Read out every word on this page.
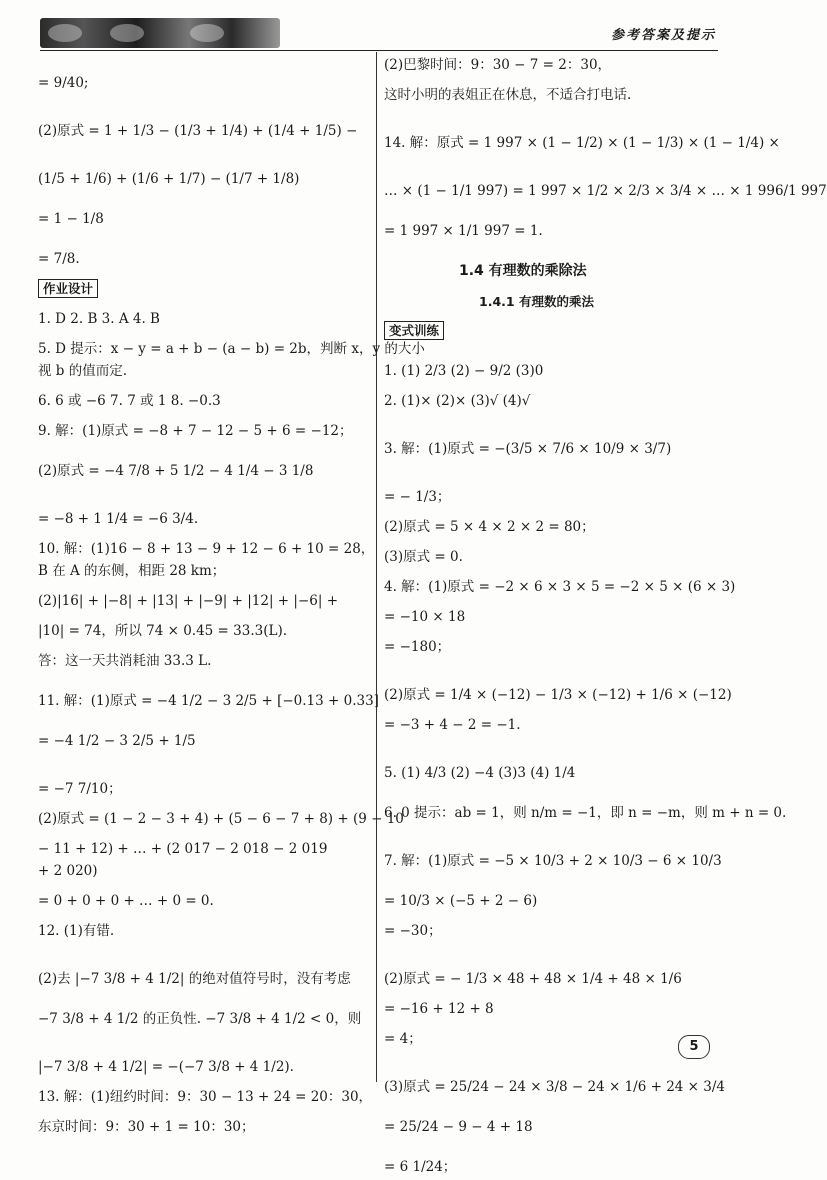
参考答案及提示
= 9/40;
(2)原式 = 1 + 1/3 − (1/3 + 1/4) + (1/4 + 1/5) −
(1/5 + 1/6) + (1/6 + 1/7) − (1/7 + 1/8)
= 1 − 1/8
= 7/8.
作业设计
1. D 2. B 3. A 4. B
5. D 提示：x − y = a + b − (a − b) = 2b，判断 x，y 的大小
视 b 的值而定.
6. 6 或 −6 7. 7 或 1 8. −0.3
9. 解：(1)原式 = −8 + 7 − 12 − 5 + 6 = −12；
(2)原式 = −4 7/8 + 5 1/2 − 4 1/4 − 3 1/8
= −8 + 1 1/4 = −6 3/4.
10. 解：(1)16 − 8 + 13 − 9 + 12 − 6 + 10 = 28，
B 在 A 的东侧，相距 28 km；
(2)|16| + |−8| + |13| + |−9| + |12| + |−6| +
|10| = 74，所以 74 × 0.45 = 33.3(L).
答：这一天共消耗油 33.3 L.
11. 解：(1)原式 = −4 1/2 − 3 2/5 + [−0.13 + 0.33]
= −4 1/2 − 3 2/5 + 1/5
= −7 7/10；
(2)原式 = (1 − 2 − 3 + 4) + (5 − 6 − 7 + 8) + (9 − 10
− 11 + 12) + … + (2 017 − 2 018 − 2 019
+ 2 020)
= 0 + 0 + 0 + … + 0 = 0.
12. (1)有错.
(2)去 |−7 3/8 + 4 1/2| 的绝对值符号时，没有考虑
−7 3/8 + 4 1/2 的正负性. −7 3/8 + 4 1/2 < 0，则
|−7 3/8 + 4 1/2| = −(−7 3/8 + 4 1/2).
13. 解：(1)纽约时间：9：30 − 13 + 24 = 20：30，
东京时间：9：30 + 1 = 10：30；
(2)巴黎时间：9：30 − 7 = 2：30，
这时小明的表姐正在休息，不适合打电话.
14. 解：原式 = 1 997 × (1 − 1/2) × (1 − 1/3) × (1 − 1/4) ×
… × (1 − 1/1 997) = 1 997 × 1/2 × 2/3 × 3/4 × … × 1 996/1 997
= 1 997 × 1/1 997 = 1.
1.4 有理数的乘除法
1.4.1 有理数的乘法
变式训练
1. (1) 2/3 (2) − 9/2 (3)0
2. (1)× (2)× (3)√ (4)√
3. 解：(1)原式 = −(3/5 × 7/6 × 10/9 × 3/7)
= − 1/3；
(2)原式 = 5 × 4 × 2 × 2 = 80；
(3)原式 = 0.
4. 解：(1)原式 = −2 × 6 × 3 × 5 = −2 × 5 × (6 × 3)
= −10 × 18
= −180；
(2)原式 = 1/4 × (−12) − 1/3 × (−12) + 1/6 × (−12)
= −3 + 4 − 2 = −1.
5. (1) 4/3 (2) −4 (3)3 (4) 1/4
6. 0 提示：ab = 1，则 n/m = −1，即 n = −m，则 m + n = 0.
7. 解：(1)原式 = −5 × 10/3 + 2 × 10/3 − 6 × 10/3
= 10/3 × (−5 + 2 − 6)
= −30；
(2)原式 = − 1/3 × 48 + 48 × 1/4 + 48 × 1/6
= −16 + 12 + 8
= 4；
(3)原式 = 25/24 − 24 × 3/8 − 24 × 1/6 + 24 × 3/4
= 25/24 − 9 − 4 + 18
= 6 1/24；
5
